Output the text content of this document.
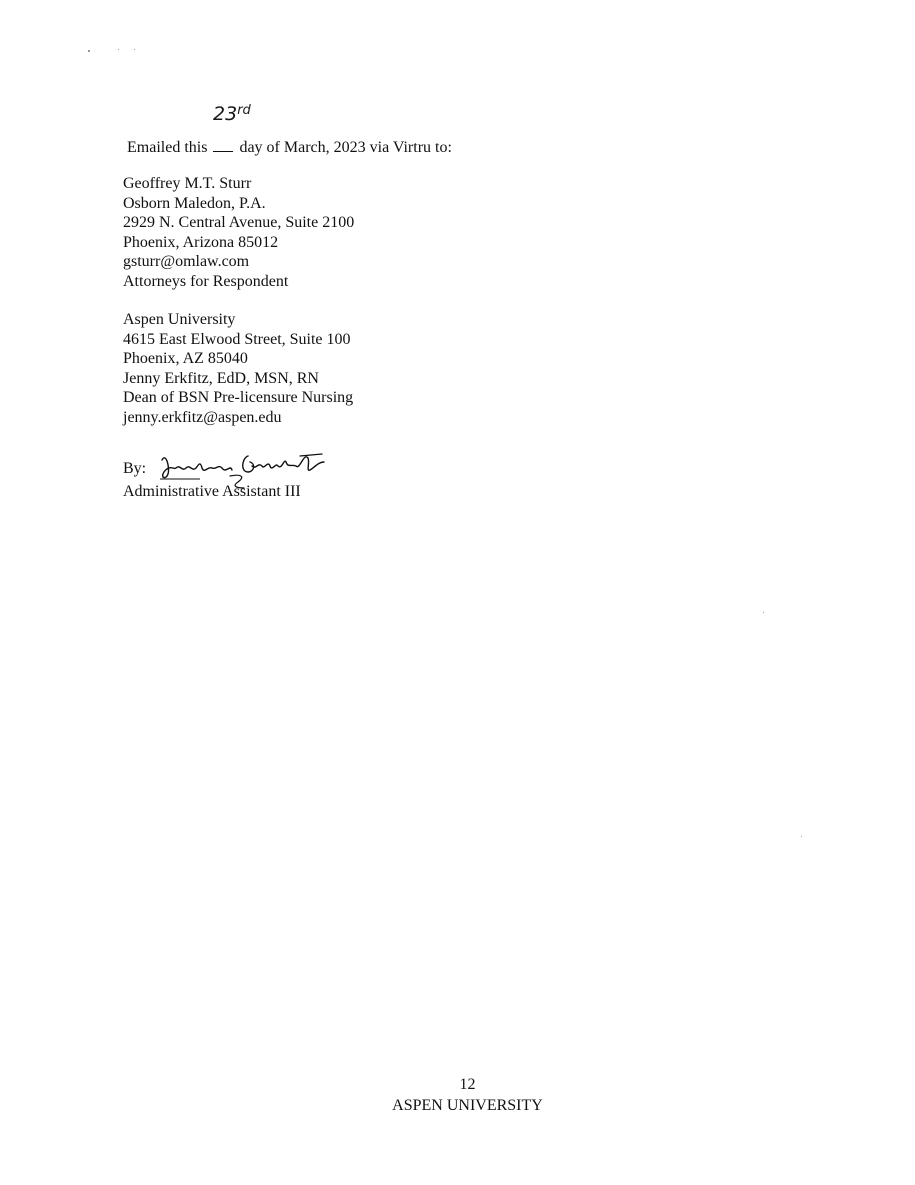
23rd
Emailed this day of March, 2023 via Virtru to:
Geoffrey M.T. Sturr
Osborn Maledon, P.A.
2929 N. Central Avenue, Suite 2100
Phoenix, Arizona 85012
gsturr@omlaw.com
Attorneys for Respondent
Aspen University
4615 East Elwood Street, Suite 100
Phoenix, AZ 85040
Jenny Erkfitz, EdD, MSN, RN
Dean of BSN Pre-licensure Nursing
jenny.erkfitz@aspen.edu
By:
Administrative Assistant III
12
ASPEN UNIVERSITY
